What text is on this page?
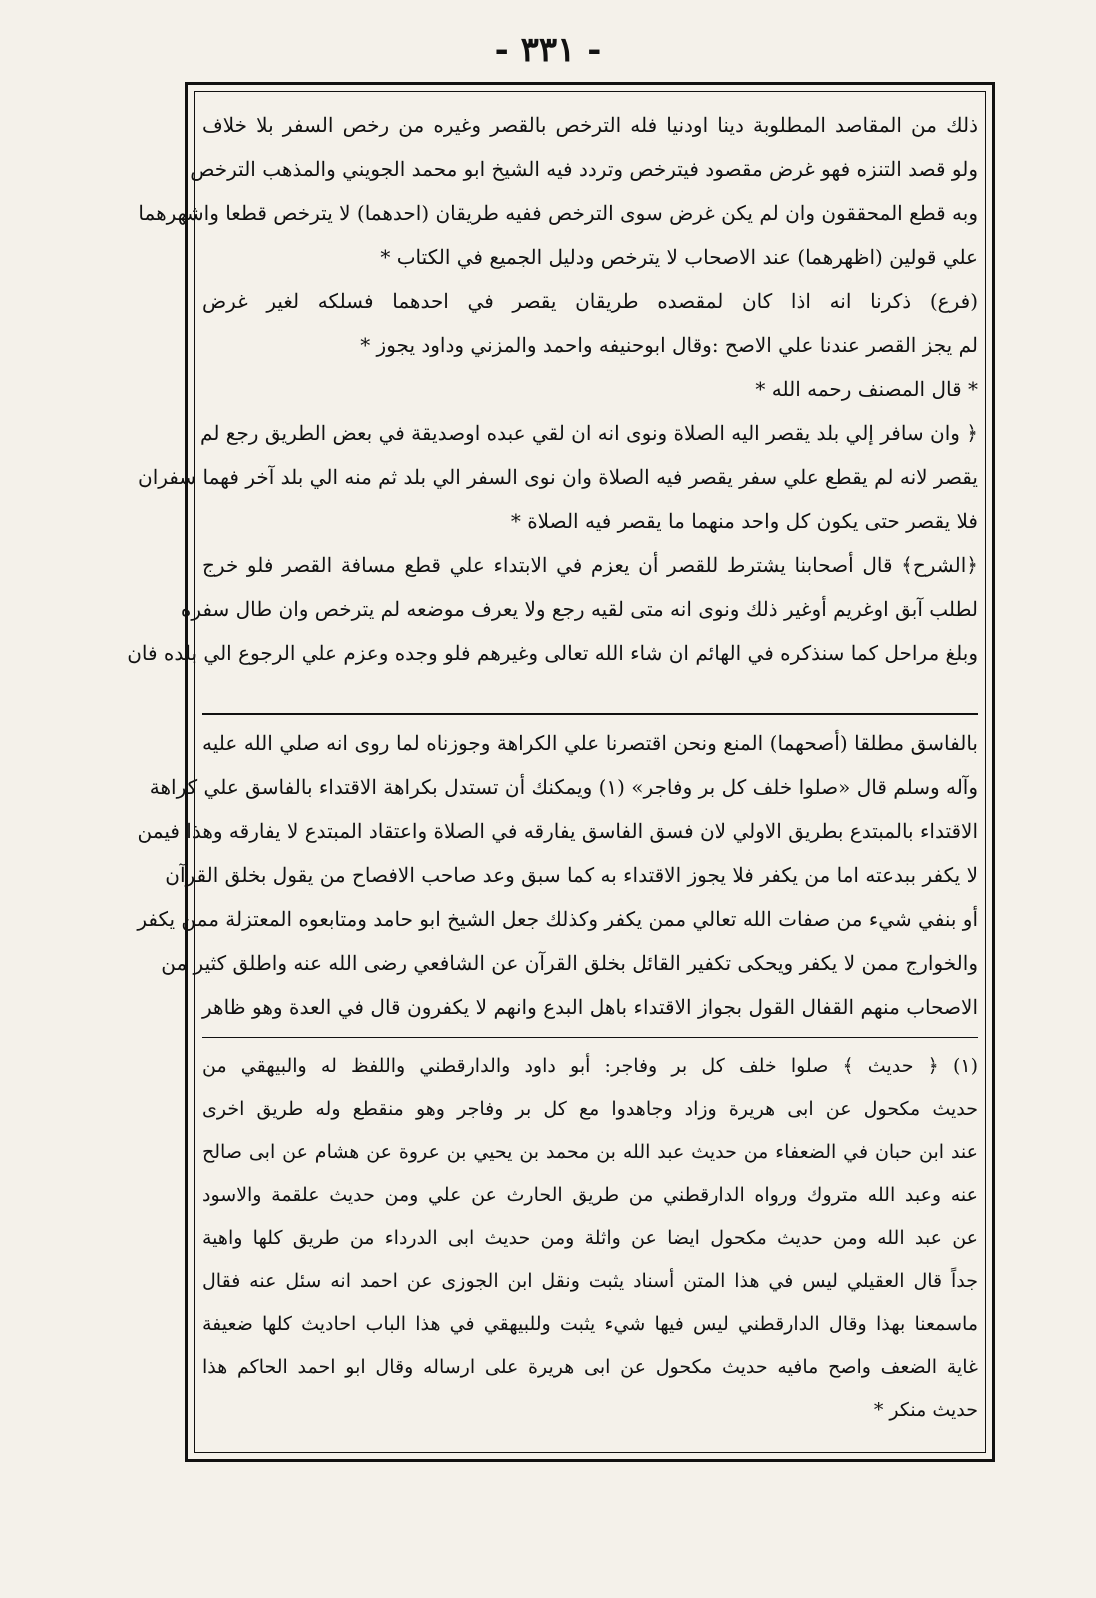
- ٣٣١ -
ذلك من المقاصد المطلوبة دينا اودنيا فله الترخص بالقصر وغيره من رخص السفر بلا خلاف
ولو قصد التنزه فهو غرض مقصود فيترخص وتردد فيه الشيخ ابو محمد الجويني والمذهب الترخص
وبه قطع المحققون وان لم يكن غرض سوى الترخص ففيه طريقان (احدهما) لا يترخص قطعا واشهرهما
علي قولين (اظهرهما) عند الاصحاب لا يترخص ودليل الجميع في الكتاب *
(فرع) ذكرنا انه اذا كان لمقصده طريقان يقصر في احدهما فسلكه لغير غرض
لم يجز القصر عندنا علي الاصح :وقال ابوحنيفه واحمد والمزني وداود يجوز *
* قال المصنف رحمه الله *
﴿ وان سافر إلي بلد يقصر اليه الصلاة ونوى انه ان لقي عبده اوصديقة في بعض الطريق رجع لم
يقصر لانه لم يقطع علي سفر يقصر فيه الصلاة وان نوى السفر الي بلد ثم منه الي بلد آخر فهما سفران
فلا يقصر حتى يكون كل واحد منهما ما يقصر فيه الصلاة *
﴿الشرح﴾ قال أصحابنا يشترط للقصر أن يعزم في الابتداء علي قطع مسافة القصر فلو خرج
لطلب آبق اوغريم أوغير ذلك ونوى انه متى لقيه رجع ولا يعرف موضعه لم يترخص وان طال سفره
وبلغ مراحل كما سنذكره في الهائم ان شاء الله تعالى وغيرهم فلو وجده وعزم علي الرجوع الي بلده فان
بالفاسق مطلقا (أصحهما) المنع ونحن اقتصرنا علي الكراهة وجوزناه لما روى انه صلي الله عليه
وآله وسلم قال «صلوا خلف كل بر وفاجر» (١) ويمكنك أن تستدل بكراهة الاقتداء بالفاسق علي كراهة
الاقتداء بالمبتدع بطريق الاولي لان فسق الفاسق يفارقه في الصلاة واعتقاد المبتدع لا يفارقه وهذا فيمن
لا يكفر ببدعته اما من يكفر فلا يجوز الاقتداء به كما سبق وعد صاحب الافصاح من يقول بخلق القرآن
أو بنفي شيء من صفات الله تعالي ممن يكفر وكذلك جعل الشيخ ابو حامد ومتابعوه المعتزلة ممن يكفر
والخوارج ممن لا يكفر ويحكى تكفير القائل بخلق القرآن عن الشافعي رضى الله عنه واطلق كثير من
الاصحاب منهم القفال القول بجواز الاقتداء باهل البدع وانهم لا يكفرون قال في العدة وهو ظاهر
(١) ﴿ حديث ﴾ صلوا خلف كل بر وفاجر: أبو داود والدارقطني واللفظ له والبيهقي من
حديث مكحول عن ابى هريرة وزاد وجاهدوا مع كل بر وفاجر وهو منقطع وله طريق اخرى
عند ابن حبان في الضعفاء من حديث عبد الله بن محمد بن يحيي بن عروة عن هشام عن ابى صالح
عنه وعبد الله متروك ورواه الدارقطني من طريق الحارث عن علي ومن حديث علقمة والاسود
عن عبد الله ومن حديث مكحول ايضا عن واثلة ومن حديث ابى الدرداء من طريق كلها واهية
جداً قال العقيلي ليس في هذا المتن أسناد يثبت ونقل ابن الجوزى عن احمد انه سئل عنه فقال
ماسمعنا بهذا وقال الدارقطني ليس فيها شيء يثبت وللبيهقي في هذا الباب احاديث كلها ضعيفة
غاية الضعف واصح مافيه حديث مكحول عن ابى هريرة على ارساله وقال ابو احمد الحاكم هذا
حديث منكر *
